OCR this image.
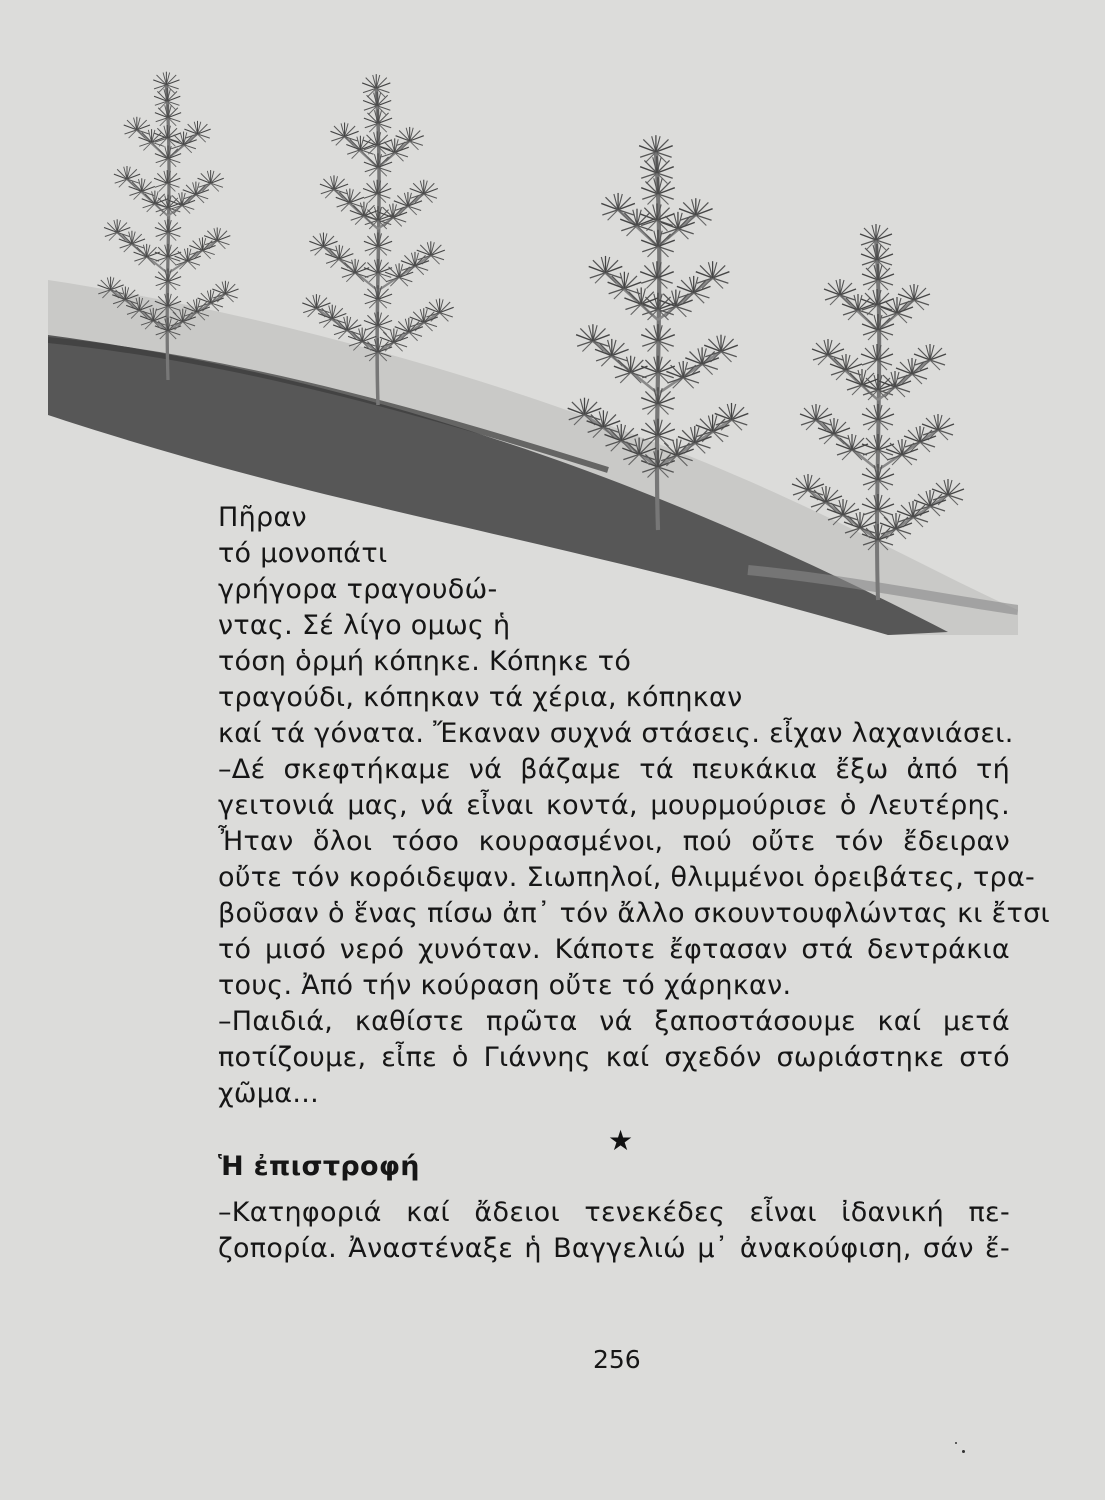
Πῆραν
τό μονοπάτι
γρήγορα τραγουδώ-
ντας. Σέ λίγο ομως ἡ
τόση ὁρμή κόπηκε. Κόπηκε τό
τραγούδι, κόπηκαν τά χέρια, κόπηκαν
καί τά γόνατα. Ἔκαναν συχνά στάσεις. εἶχαν λαχανιάσει.
–Δέ σκεφτήκαμε νά βάζαμε τά πευκάκια ἔξω ἀπό τή
γειτονιά μας, νά εἶναι κοντά, μουρμούρισε ὁ Λευτέρης.
Ἦταν ὅλοι τόσο κουρασμένοι, πού οὔτε τόν ἔδειραν
οὔτε τόν κορόιδεψαν. Σιωπηλοί, θλιμμένοι ὀρειβάτες, τρα-
βοῦσαν ὁ ἕνας πίσω ἀπ᾽ τόν ἄλλο σκουντουφλώντας κι ἔτσι
τό μισό νερό χυνόταν. Κάποτε ἔφτασαν στά δεντράκια
τους. Ἀπό τήν κούραση οὔτε τό χάρηκαν.
–Παιδιά, καθίστε πρῶτα νά ξαποστάσουμε καί μετά
ποτίζουμε, εἶπε ὁ Γιάννης καί σχεδόν σωριάστηκε στό
χῶμα...
★
Ἡ ἐπιστροφή
–Κατηφοριά καί ἄδειοι τενεκέδες εἶναι ἰδανική πε-
ζοπορία. Ἀναστέναξε ἡ Βαγγελιώ μ᾽ ἀνακούφιση, σάν ἔ-
256
